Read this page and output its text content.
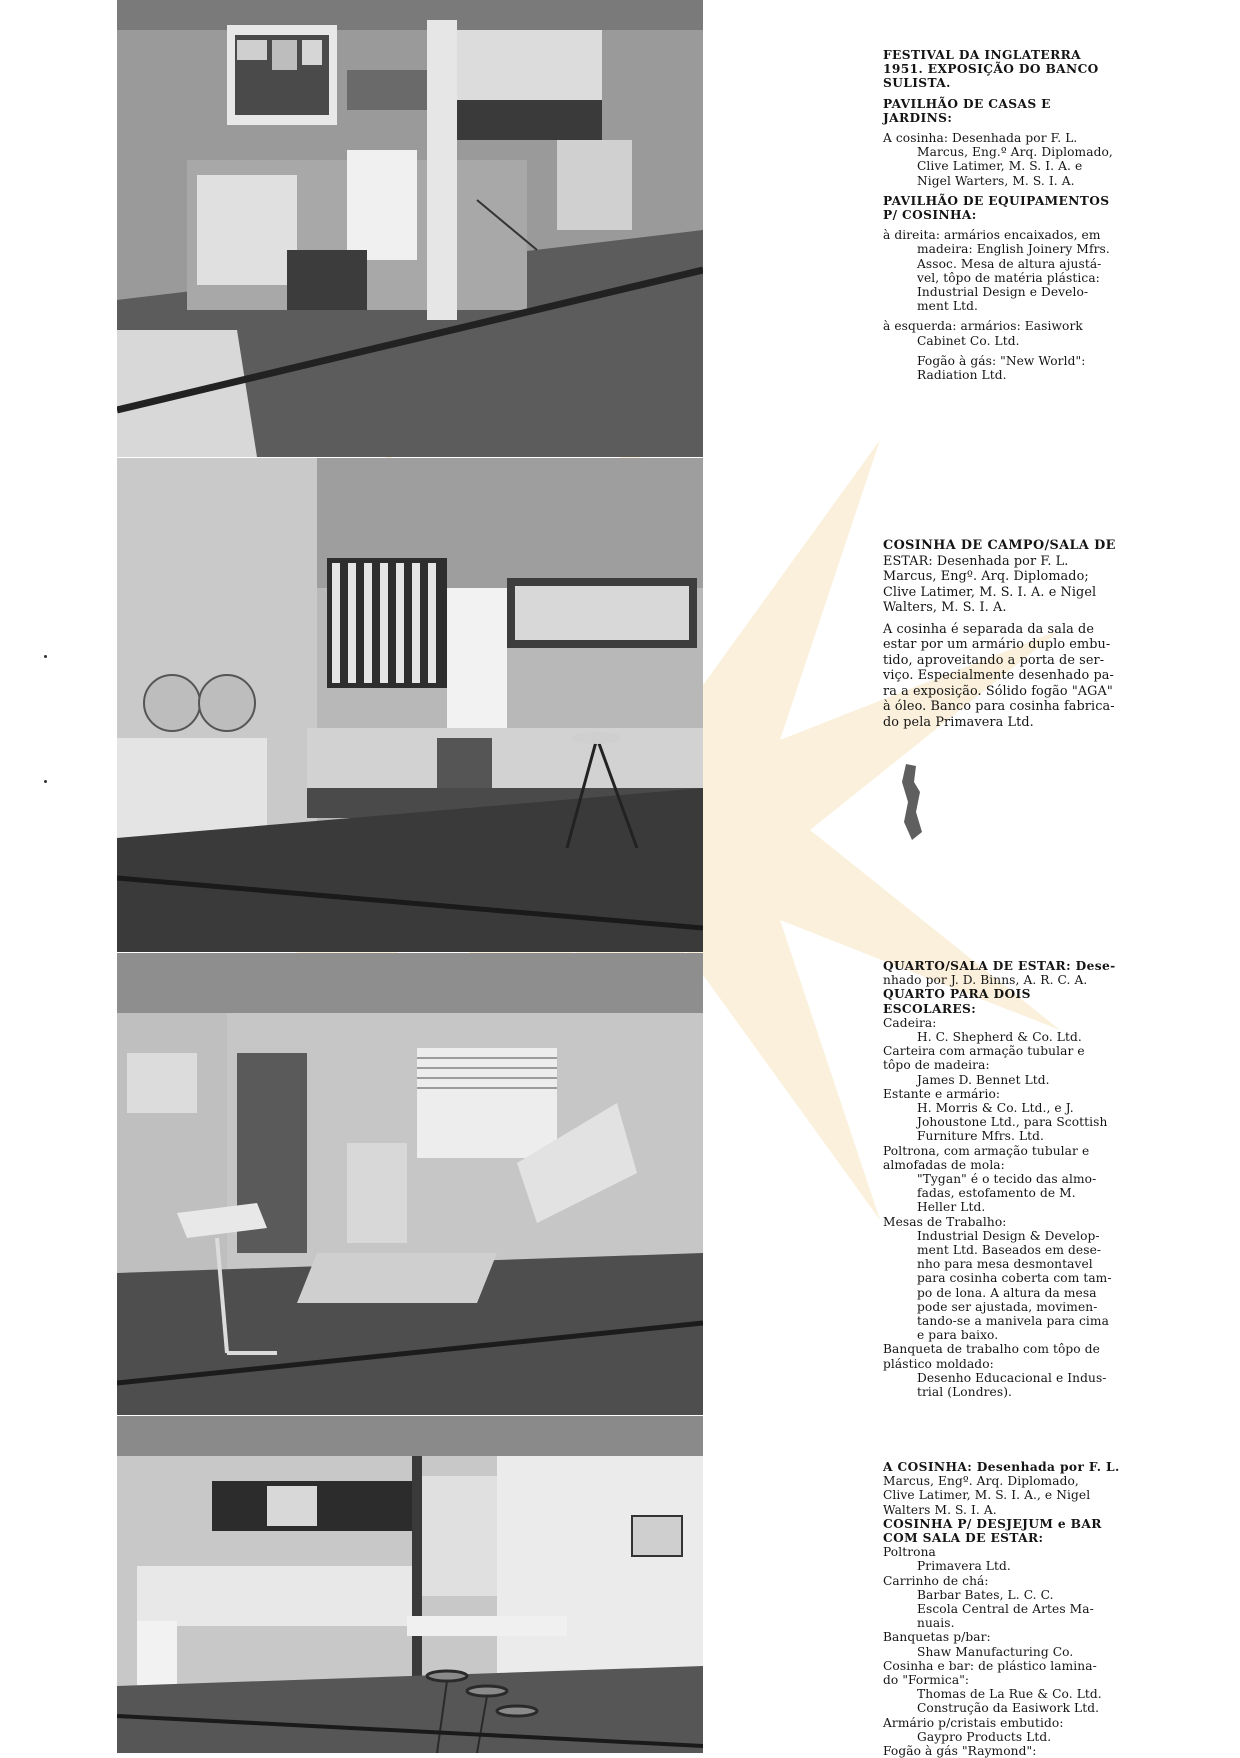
FESTIVAL DA INGLATERRA

1951. EXPOSIÇÃO DO BANCO

SULISTA.

PAVILHÃO DE CASAS E

JARDINS:

A cosinha: Desenhada por F. L.

Marcus, Eng.º Arq. Diplomado,

Clive Latimer, M. S. I. A. e

Nigel Warters, M. S. I. A.

PAVILHÃO DE EQUIPAMENTOS

P/ COSINHA:

à direita: armários encaixados, em

madeira: English Joinery Mfrs.

Assoc. Mesa de altura ajustá-

vel, tôpo de matéria plástica:

Industrial Design e Develo-

ment Ltd.

à esquerda: armários: Easiwork

Cabinet Co. Ltd.

Fogão à gás: "New World":

Radiation Ltd.

COSINHA DE CAMPO/SALA DE

ESTAR: Desenhada por F. L.

Marcus, Engº. Arq. Diplomado;

Clive Latimer, M. S. I. A. e Nigel

Walters, M. S. I. A.

A cosinha é separada da sala de

estar por um armário duplo embu-

tido, aproveitando a porta de ser-

viço. Especialmente desenhado pa-

ra a exposição. Sólido fogão "AGA"

à óleo. Banco para cosinha fabrica-

do pela Primavera Ltd.

QUARTO/SALA DE ESTAR: Dese-

nhado por J. D. Binns, A. R. C. A.

QUARTO PARA DOIS

ESCOLARES:

Cadeira:

H. C. Shepherd & Co. Ltd.

Carteira com armação tubular e

tôpo de madeira:

James D. Bennet Ltd.

Estante e armário:

H. Morris & Co. Ltd., e J.

Johoustone Ltd., para Scottish

Furniture Mfrs. Ltd.

Poltrona, com armação tubular e

almofadas de mola:

"Tygan" é o tecido das almo-

fadas, estofamento de M.

Heller Ltd.

Mesas de Trabalho:

Industrial Design & Develop-

ment Ltd. Baseados em dese-

nho para mesa desmontavel

para cosinha coberta com tam-

po de lona. A altura da mesa

pode ser ajustada, movimen-

tando-se a manivela para cima

e para baixo.

Banqueta de trabalho com tôpo de

plástico moldado:

Desenho Educacional e Indus-

trial (Londres).

A COSINHA: Desenhada por F. L.

Marcus, Engº. Arq. Diplomado,

Clive Latimer, M. S. I. A., e Nigel

Walters M. S. I. A.

COSINHA P/ DESJEJUM e BAR

COM SALA DE ESTAR:

Poltrona

Primavera Ltd.

Carrinho de chá:

Barbar Bates, L. C. C.

Escola Central de Artes Ma-

nuais.

Banquetas p/bar:

Shaw Manufacturing Co.

Cosinha e bar: de plástico lamina-

do "Formica":

Thomas de La Rue & Co. Ltd.

Construção da Easiwork Ltd.

Armário p/cristais embutido:

Gaypro Products Ltd.

Fogão à gás "Raymond":
